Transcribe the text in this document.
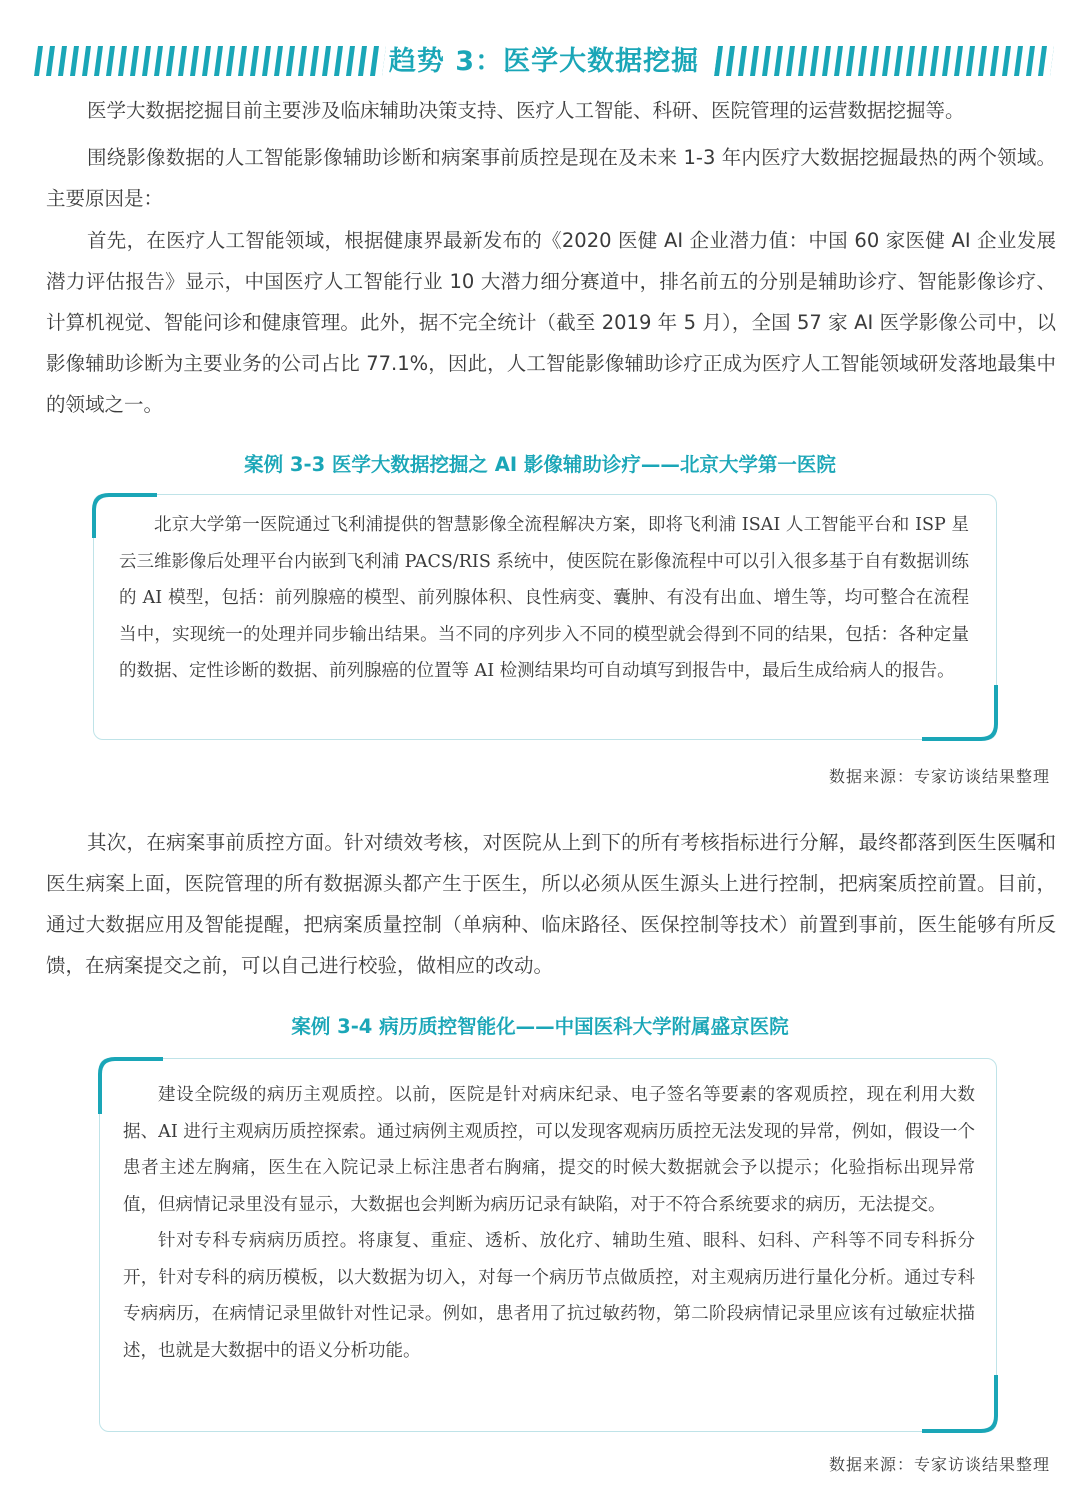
趋势 3：医学大数据挖掘

医学大数据挖掘目前主要涉及临床辅助决策支持、医疗人工智能、科研、医院管理的运营数据挖掘等。

围绕影像数据的人工智能影像辅助诊断和病案事前质控是现在及未来 1-3 年内医疗大数据挖掘最热的两个领域。主要原因是：

首先，在医疗人工智能领域，根据健康界最新发布的《2020 医健 AI 企业潜力值：中国 60 家医健 AI 企业发展潜力评估报告》显示，中国医疗人工智能行业 10 大潜力细分赛道中，排名前五的分别是辅助诊疗、智能影像诊疗、计算机视觉、智能问诊和健康管理。此外，据不完全统计（截至 2019 年 5 月），全国 57 家 AI 医学影像公司中，以影像辅助诊断为主要业务的公司占比 77.1%，因此，人工智能影像辅助诊疗正成为医疗人工智能领域研发落地最集中的领域之一。

案例 3-3 医学大数据挖掘之 AI 影像辅助诊疗——北京大学第一医院

北京大学第一医院通过飞利浦提供的智慧影像全流程解决方案，即将飞利浦 ISAI 人工智能平台和 ISP 星云三维影像后处理平台内嵌到飞利浦 PACS/RIS 系统中，使医院在影像流程中可以引入很多基于自有数据训练的 AI 模型，包括：前列腺癌的模型、前列腺体积、良性病变、囊肿、有没有出血、增生等，均可整合在流程当中，实现统一的处理并同步输出结果。当不同的序列步入不同的模型就会得到不同的结果，包括：各种定量的数据、定性诊断的数据、前列腺癌的位置等 AI 检测结果均可自动填写到报告中，最后生成给病人的报告。

数据来源：专家访谈结果整理

其次，在病案事前质控方面。针对绩效考核，对医院从上到下的所有考核指标进行分解，最终都落到医生医嘱和医生病案上面，医院管理的所有数据源头都产生于医生，所以必须从医生源头上进行控制，把病案质控前置。目前，通过大数据应用及智能提醒，把病案质量控制（单病种、临床路径、医保控制等技术）前置到事前，医生能够有所反馈，在病案提交之前，可以自己进行校验，做相应的改动。

案例 3-4 病历质控智能化——中国医科大学附属盛京医院

建设全院级的病历主观质控。以前，医院是针对病床纪录、电子签名等要素的客观质控，现在利用大数据、AI 进行主观病历质控探索。通过病例主观质控，可以发现客观病历质控无法发现的异常，例如，假设一个患者主述左胸痛，医生在入院记录上标注患者右胸痛，提交的时候大数据就会予以提示；化验指标出现异常值，但病情记录里没有显示，大数据也会判断为病历记录有缺陷，对于不符合系统要求的病历，无法提交。

针对专科专病病历质控。将康复、重症、透析、放化疗、辅助生殖、眼科、妇科、产科等不同专科拆分开，针对专科的病历模板，以大数据为切入，对每一个病历节点做质控，对主观病历进行量化分析。通过专科专病病历，在病情记录里做针对性记录。例如，患者用了抗过敏药物，第二阶段病情记录里应该有过敏症状描述，也就是大数据中的语义分析功能。

数据来源：专家访谈结果整理
